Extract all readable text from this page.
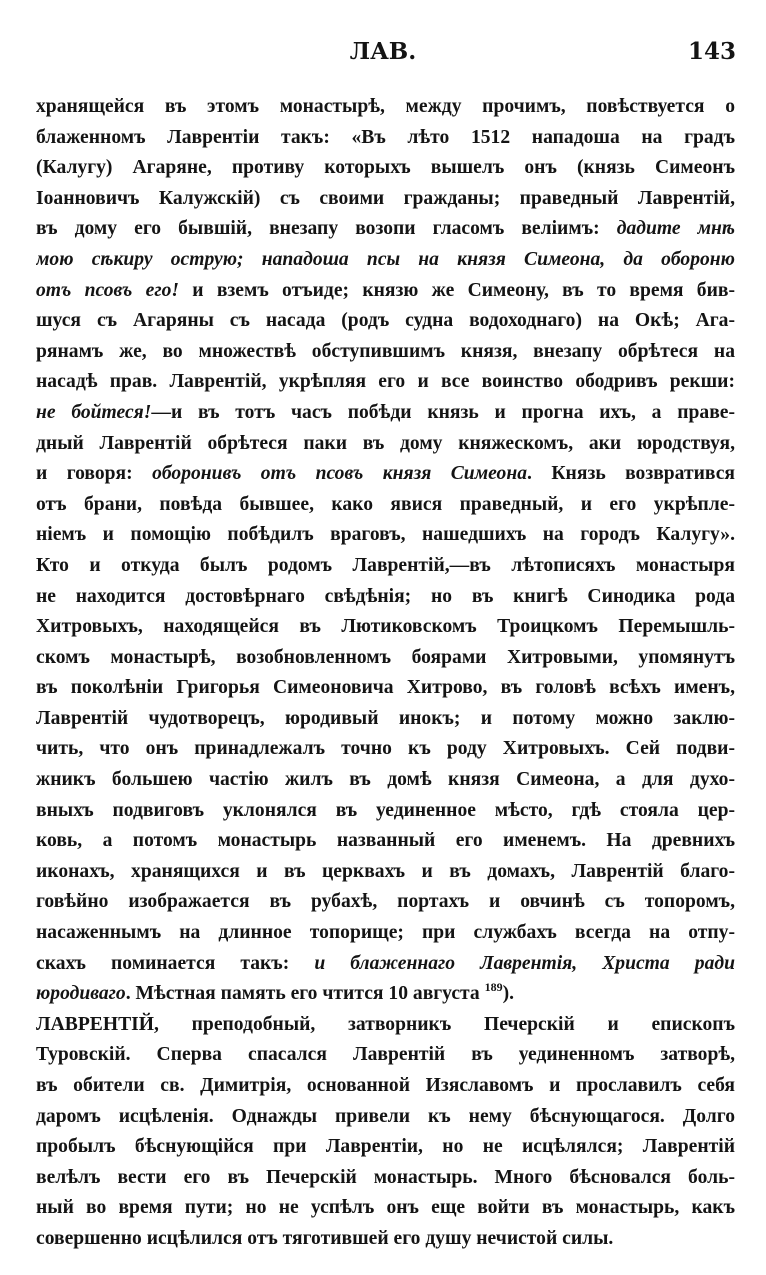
ЛАВ.	143
хранящейся въ этомъ монастырѣ, между прочимъ, повѣствуется о
блаженномъ Лаврентіи такъ: «Въ лѣто 1512 нападоша на градъ
(Калугу) Агаряне, противу которыхъ вышелъ онъ (князь Симеонъ
Іоанновичъ Калужскій) съ своими гражданы; праведный Лаврентій,
въ дому его бывшій, внезапу возопи гласомъ веліимъ: дадите мнѣ
мою сѣкиру острую; нападоша псы на князя Симеона, да обороню
отъ псовъ его! и вземъ отъиде; князю же Симеону, въ то время бив-
шуся съ Агаряны съ насада (родъ судна водоходнаго) на Окѣ; Ага-
рянамъ же, во множествѣ обступившимъ князя, внезапу обрѣтеся на
насадѣ прав. Лаврентій, укрѣпляя его и все воинство ободривъ рекши:
не бойтеся!—и въ тотъ часъ побѣди князь и прогна ихъ, а праве-
дный Лаврентій обрѣтеся паки въ дому княжескомъ, аки юродствуя,
и говоря: оборонивъ отъ псовъ князя Симеона. Князь возвратився
отъ брани, повѣда бывшее, како явися праведный, и его укрѣпле-
ніемъ и помощію побѣдилъ враговъ, нашедшихъ на городъ Калугу».
Кто и откуда былъ родомъ Лаврентій,—въ лѣтописяхъ монастыря
не находится достовѣрнаго свѣдѣнія; но въ книгѣ Синодика рода
Хитровыхъ, находящейся въ Лютиковскомъ Троицкомъ Перемышль-
скомъ монастырѣ, возобновленномъ боярами Хитровыми, упомянутъ
въ поколѣніи Григорья Симеоновича Хитрово, въ головѣ всѣхъ именъ,
Лаврентій чудотворецъ, юродивый инокъ; и потому можно заклю-
чить, что онъ принадлежалъ точно къ роду Хитровыхъ. Сей подви-
жникъ большею частію жилъ въ домѣ князя Симеона, а для духо-
вныхъ подвиговъ уклонялся въ уединенное мѣсто, гдѣ стояла цер-
ковь, а потомъ монастырь названный его именемъ. На древнихъ
иконахъ, хранящихся и въ церквахъ и въ домахъ, Лаврентій благо-
говѣйно изображается въ рубахѣ, портахъ и овчинѣ съ топоромъ,
насаженнымъ на длинное топорище; при службахъ всегда на отпу-
скахъ поминается такъ: и блаженнаго Лаврентія, Христа ради
юродиваго. Мѣстная память его чтится 10 августа $^{189}$).
ЛАВРЕНТІЙ, преподобный, затворникъ Печерскій и епископъ
Туровскій. Сперва спасался Лаврентій въ уединенномъ затворѣ,
въ обители св. Димитрія, основанной Изяславомъ и прославилъ себя
даромъ исцѣленія. Однажды привели къ нему бѣснующагося. Долго
пробылъ бѣснующійся при Лаврентіи, но не исцѣлялся; Лаврентій
велѣлъ вести его въ Печерскій монастырь. Много бѣсновался боль-
ный во время пути; но не успѣлъ онъ еще войти въ монастырь, какъ
совершенно исцѣлился отъ тяготившей его душу нечистой силы.
